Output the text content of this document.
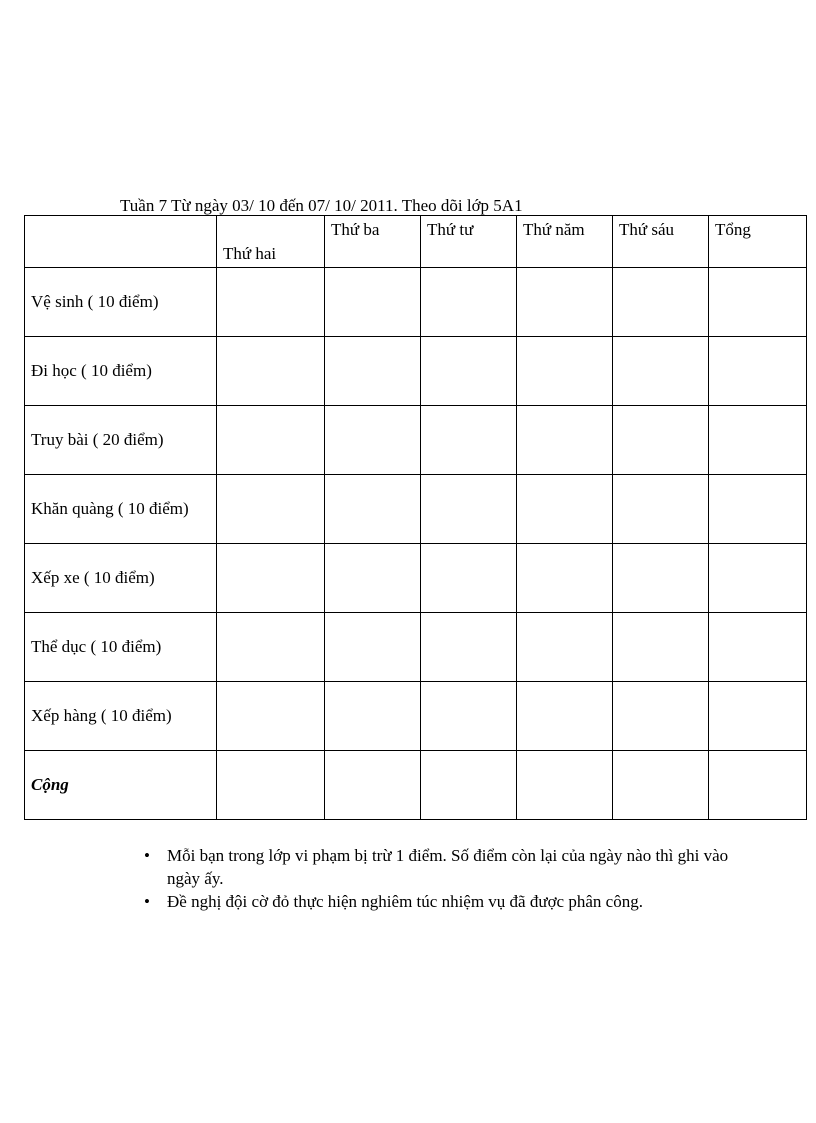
Tuần 7 Từ ngày 03/ 10 đến 07/ 10/ 2011. Theo dõi lớp 5A1
	Thứ hai	Thứ ba	Thứ tư	Thứ năm	Thứ sáu	Tổng
Vệ sinh ( 10 điểm)						
Đi học ( 10 điểm)						
Truy bài ( 20 điểm)						
Khăn quàng ( 10 điểm)						
Xếp xe ( 10 điểm)						
Thể dục ( 10 điểm)						
Xếp hàng ( 10 điểm)						
Cộng						
• Mỗi bạn trong lớp vi phạm bị trừ 1 điểm. Số điểm còn lại của ngày nào thì ghi vào ngày ấy.
• Đề nghị đội cờ đỏ thực hiện nghiêm túc nhiệm vụ đã được phân công.
